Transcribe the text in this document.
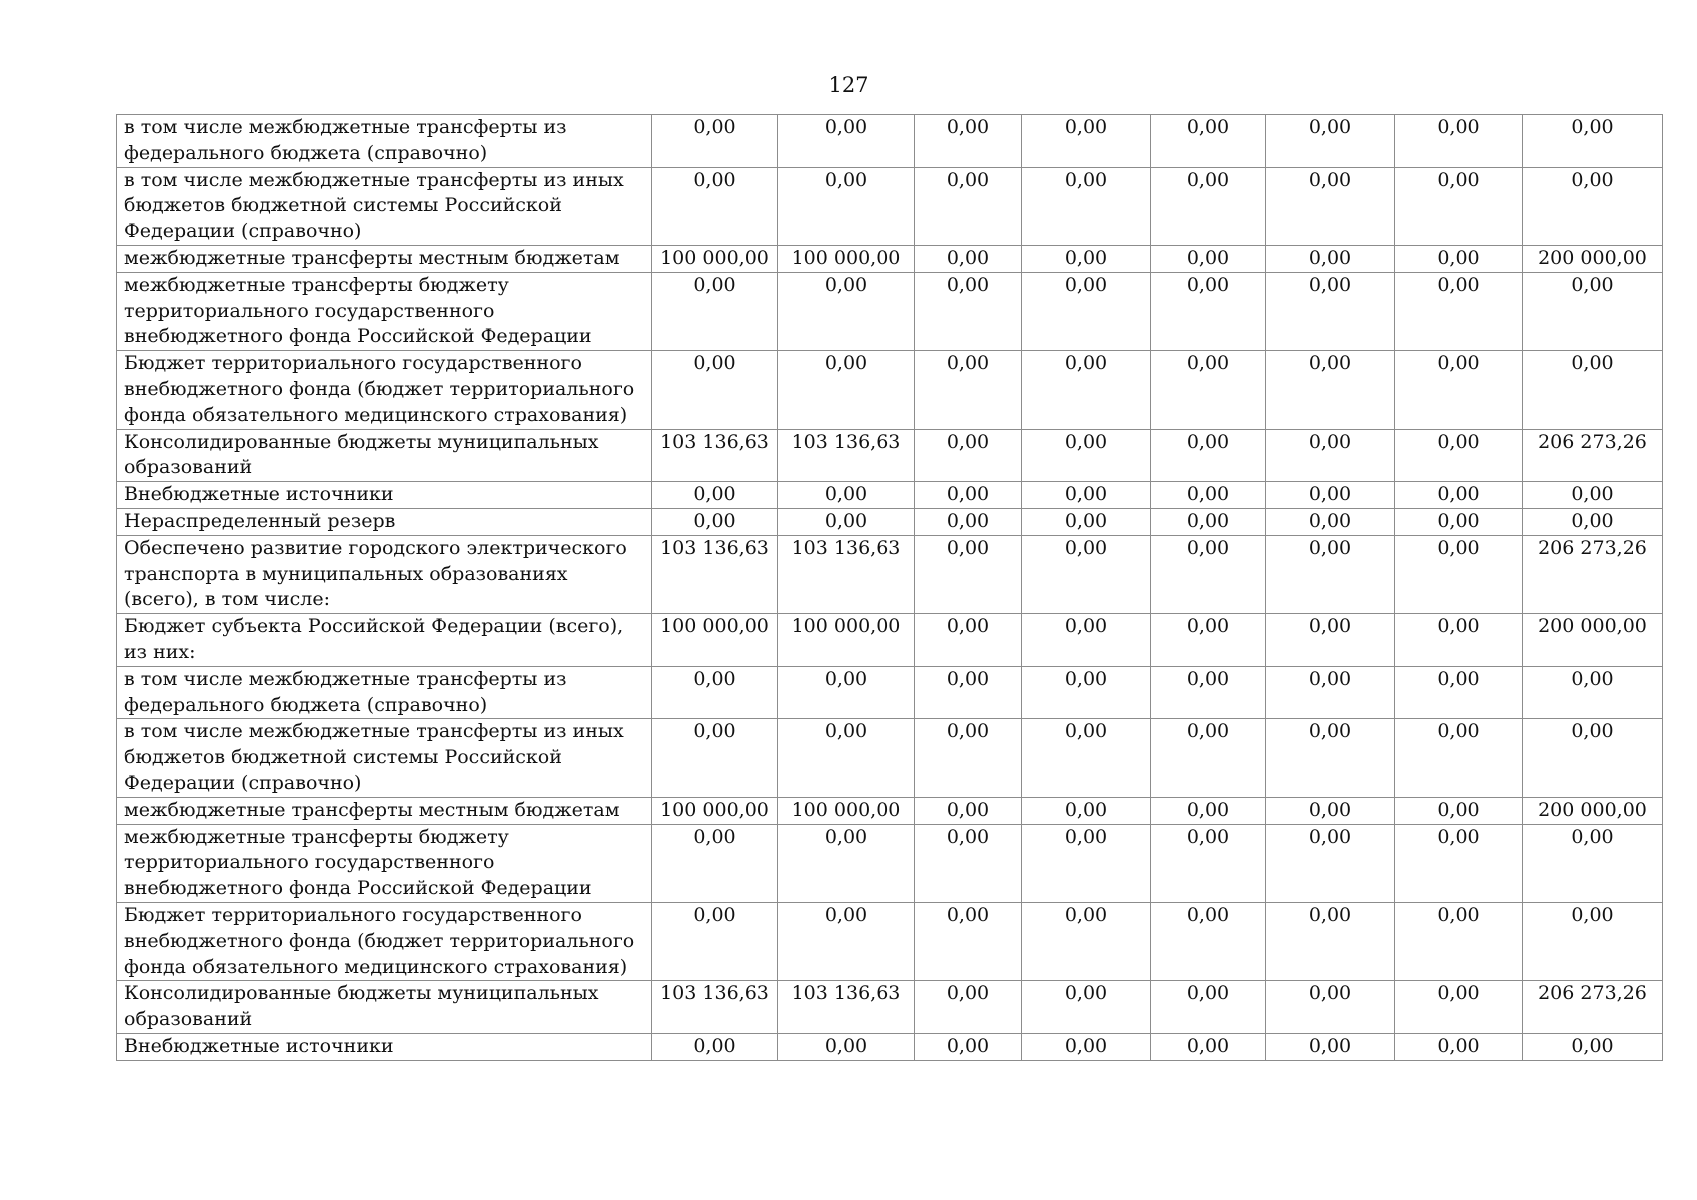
127
в том числе межбюджетные трансферты из федерального бюджета (справочно)	0,00	0,00	0,00	0,00	0,00	0,00	0,00	0,00
в том числе межбюджетные трансферты из иных бюджетов бюджетной системы Российской Федерации (справочно)	0,00	0,00	0,00	0,00	0,00	0,00	0,00	0,00
межбюджетные трансферты местным бюджетам	100 000,00	100 000,00	0,00	0,00	0,00	0,00	0,00	200 000,00
межбюджетные трансферты бюджету территориального государственного внебюджетного фонда Российской Федерации	0,00	0,00	0,00	0,00	0,00	0,00	0,00	0,00
Бюджет территориального государственного внебюджетного фонда (бюджет территориального фонда обязательного медицинского страхования)	0,00	0,00	0,00	0,00	0,00	0,00	0,00	0,00
Консолидированные бюджеты муниципальных образований	103 136,63	103 136,63	0,00	0,00	0,00	0,00	0,00	206 273,26
Внебюджетные источники	0,00	0,00	0,00	0,00	0,00	0,00	0,00	0,00
Нераспределенный резерв	0,00	0,00	0,00	0,00	0,00	0,00	0,00	0,00
Обеспечено развитие городского электрического транспорта в муниципальных образованиях (всего), в том числе:	103 136,63	103 136,63	0,00	0,00	0,00	0,00	0,00	206 273,26
Бюджет субъекта Российской Федерации (всего), из них:	100 000,00	100 000,00	0,00	0,00	0,00	0,00	0,00	200 000,00
в том числе межбюджетные трансферты из федерального бюджета (справочно)	0,00	0,00	0,00	0,00	0,00	0,00	0,00	0,00
в том числе межбюджетные трансферты из иных бюджетов бюджетной системы Российской Федерации (справочно)	0,00	0,00	0,00	0,00	0,00	0,00	0,00	0,00
межбюджетные трансферты местным бюджетам	100 000,00	100 000,00	0,00	0,00	0,00	0,00	0,00	200 000,00
межбюджетные трансферты бюджету территориального государственного внебюджетного фонда Российской Федерации	0,00	0,00	0,00	0,00	0,00	0,00	0,00	0,00
Бюджет территориального государственного внебюджетного фонда (бюджет территориального фонда обязательного медицинского страхования)	0,00	0,00	0,00	0,00	0,00	0,00	0,00	0,00
Консолидированные бюджеты муниципальных образований	103 136,63	103 136,63	0,00	0,00	0,00	0,00	0,00	206 273,26
Внебюджетные источники	0,00	0,00	0,00	0,00	0,00	0,00	0,00	0,00
